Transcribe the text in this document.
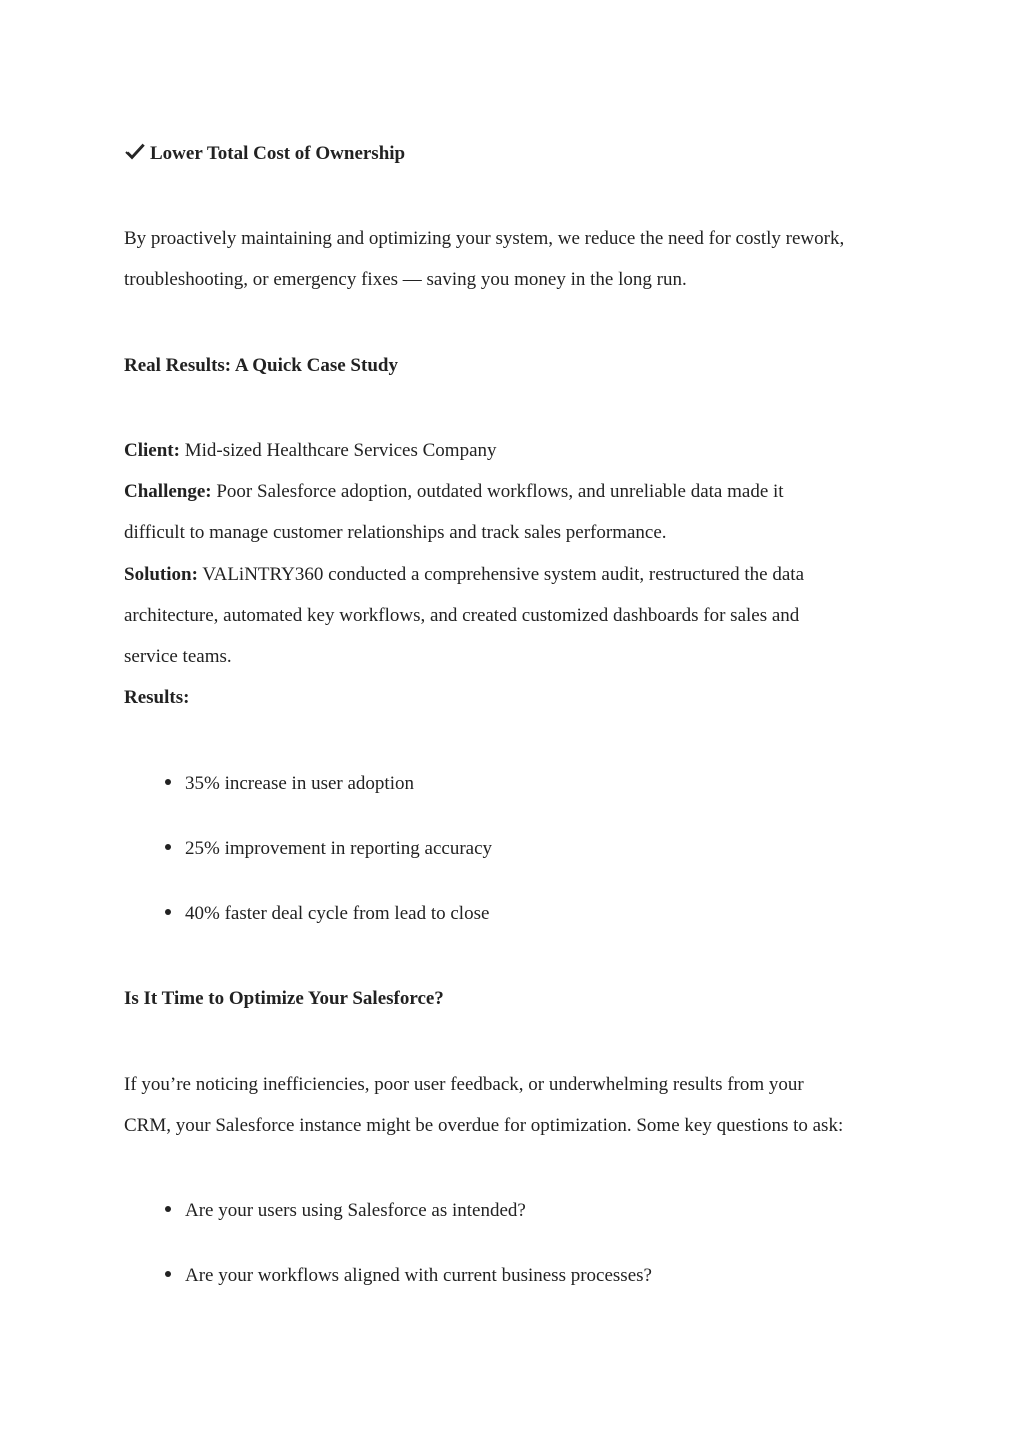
Lower Total Cost of Ownership
By proactively maintaining and optimizing your system, we reduce the need for costly rework,
troubleshooting, or emergency fixes — saving you money in the long run.
Real Results: A Quick Case Study
Client: Mid-sized Healthcare Services Company
Challenge: Poor Salesforce adoption, outdated workflows, and unreliable data made it
difficult to manage customer relationships and track sales performance.
Solution: VALiNTRY360 conducted a comprehensive system audit, restructured the data
architecture, automated key workflows, and created customized dashboards for sales and
service teams.
Results:
35% increase in user adoption
25% improvement in reporting accuracy
40% faster deal cycle from lead to close
Is It Time to Optimize Your Salesforce?
If you’re noticing inefficiencies, poor user feedback, or underwhelming results from your
CRM, your Salesforce instance might be overdue for optimization. Some key questions to ask:
Are your users using Salesforce as intended?
Are your workflows aligned with current business processes?
